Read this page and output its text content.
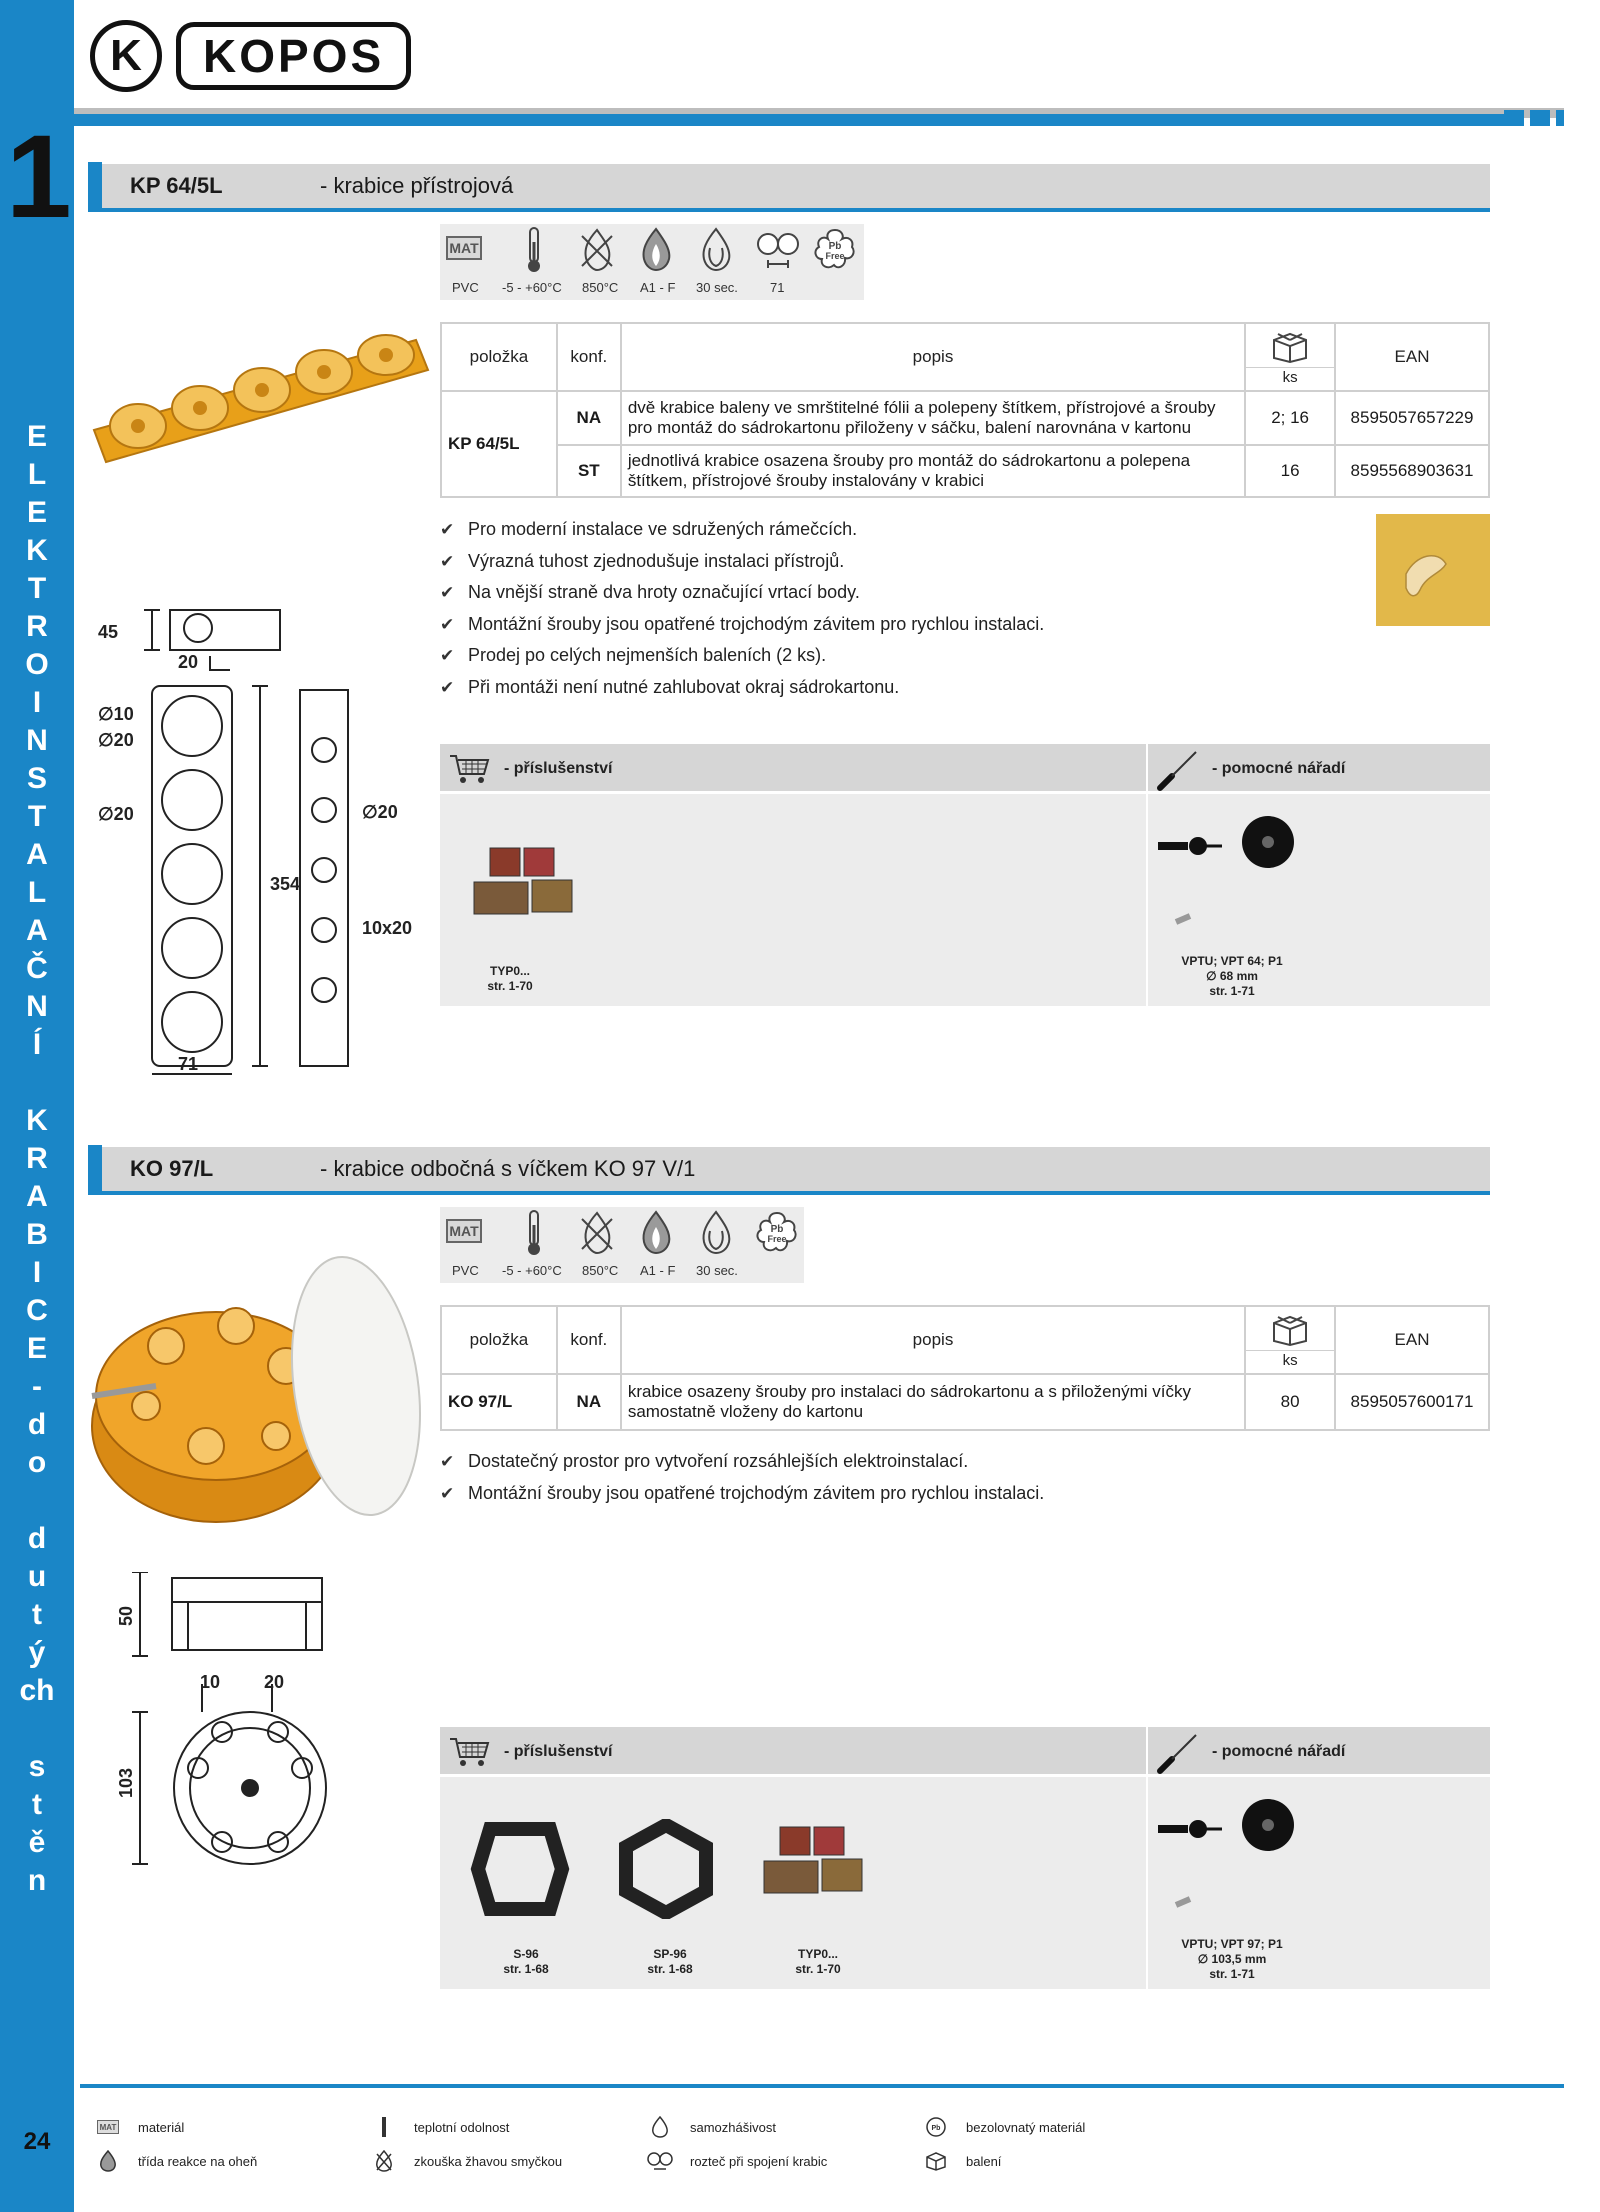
1
E
L
E
K
T
R
O
I
N
S
T
A
L
A
Č
N
Í
K
R
A
B
I
C
E
-
d
o
d
u
t
ý
ch
s
t
ě
n
24
K	KOPOS
KP 64/5L	- krabice přístrojová
MAT	Pb
Free
PVC -5 - +60°C 850°C A1 - F 30 sec. 71
45
20
∅10
∅20
∅20	∅20
10x20
354
71
položka	konf.	popis	ks	EAN
KP 64/5L	NA	dvě krabice baleny ve smrštitelné fólii a polepeny štítkem, přístrojové a šrouby pro montáž do sádrokartonu přiloženy v sáčku, balení narovnána v kartonu	2; 16	8595057657229
	ST	jednotlivá krabice osazena šrouby pro montáž do sádrokartonu a polepena štítkem, přístrojové šrouby instalovány v krabici	16	8595568903631
✔ Pro moderní instalace ve sdružených rámečcích.
✔ Výrazná tuhost zjednodušuje instalaci přístrojů.
✔ Na vnější straně dva hroty označující vrtací body.
✔ Montážní šrouby jsou opatřené trojchodým závitem pro rychlou instalaci.
✔ Prodej po celých nejmenších baleních (2 ks).
✔ Při montáži není nutné zahlubovat okraj sádrokartonu.
- příslušenství
TYP0...
str. 1-70
- pomocné nářadí
VPTU; VPT 64; P1
∅ 68 mm
str. 1-71
KO 97/L	- krabice odbočná s víčkem KO 97 V/1
MAT	Pb
Free
PVC -5 - +60°C 850°C A1 - F 30 sec.
50
10 20
103
položka	konf.	popis	ks	EAN
KO 97/L	NA	krabice osazeny šrouby pro instalaci do sádrokartonu a s přiloženými víčky samostatně vloženy do kartonu	80	8595057600171
✔ Dostatečný prostor pro vytvoření rozsáhlejších elektroinstalací.
✔ Montážní šrouby jsou opatřené trojchodým závitem pro rychlou instalaci.
- příslušenství
S-96
str. 1-68
SP-96
str. 1-68
TYP0...
str. 1-70
- pomocné nářadí
VPTU; VPT 97; P1
∅ 103,5 mm
str. 1-71
MAT materiál	teplotní odolnost	samozhášivost	Pb bezolovnatý materiál
třída reakce na oheň	zkouška žhavou smyčkou	rozteč při spojení krabic	balení
